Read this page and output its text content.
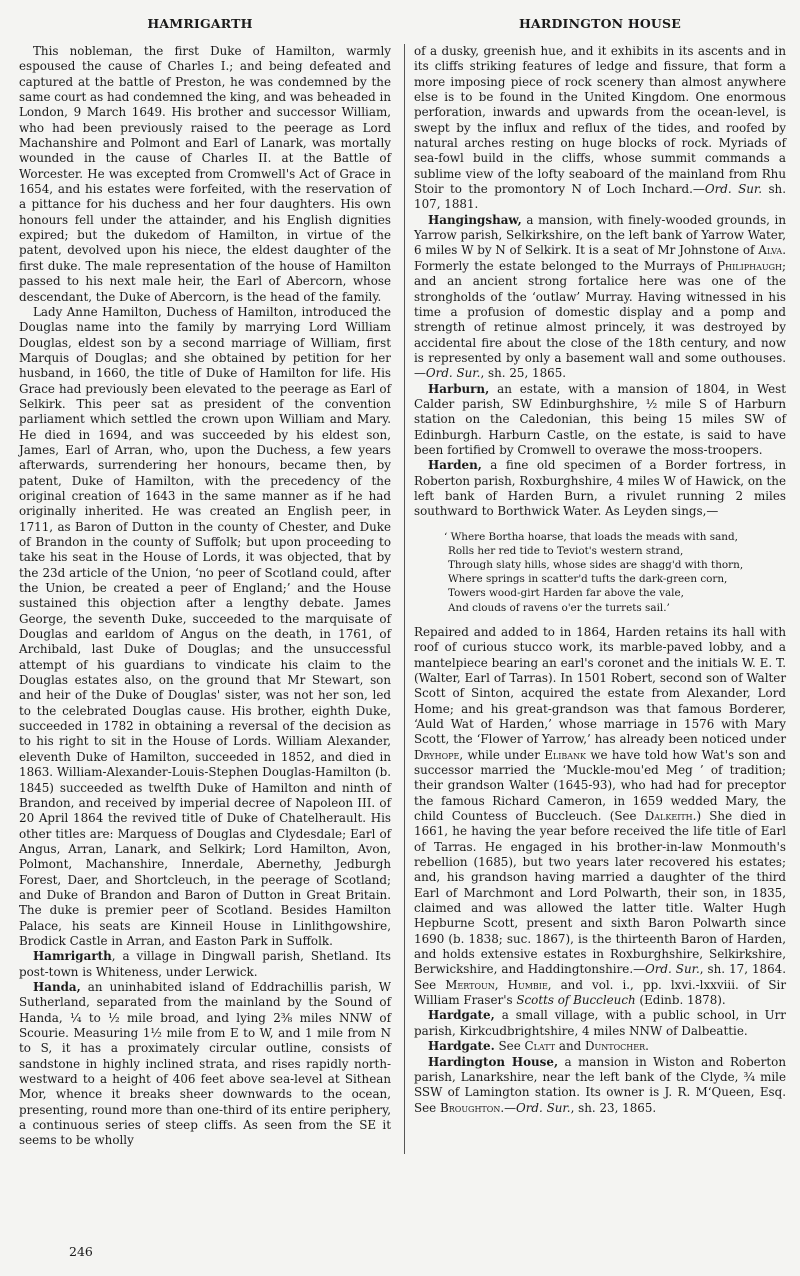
HAMRIGARTH	HARDINGTON HOUSE

This nobleman, the first Duke of Hamilton, warmly espoused the cause of Charles I.; and being defeated and captured at the battle of Preston, he was condemned by the same court as had condemned the king, and was beheaded in London, 9 March 1649. His brother and successor William, who had been previously raised to the peerage as Lord Machanshire and Polmont and Earl of Lanark, was mortally wounded in the cause of Charles II. at the Battle of Worcester. He was excepted from Cromwell's Act of Grace in 1654, and his estates were forfeited, with the reservation of a pittance for his duchess and her four daughters. His own honours fell under the attainder, and his English dignities expired; but the dukedom of Hamilton, in virtue of the patent, devolved upon his niece, the eldest daughter of the first duke. The male representation of the house of Hamilton passed to his next male heir, the Earl of Abercorn, whose descendant, the Duke of Abercorn, is the head of the family.

Lady Anne Hamilton, Duchess of Hamilton, introduced the Douglas name into the family by marrying Lord William Douglas, eldest son by a second marriage of William, first Marquis of Douglas; and she obtained by petition for her husband, in 1660, the title of Duke of Hamilton for life. His Grace had previously been elevated to the peerage as Earl of Selkirk. This peer sat as president of the convention parliament which settled the crown upon William and Mary. He died in 1694, and was succeeded by his eldest son, James, Earl of Arran, who, upon the Duchess, a few years afterwards, surrendering her honours, became then, by patent, Duke of Hamilton, with the precedency of the original creation of 1643 in the same manner as if he had originally inherited. He was created an English peer, in 1711, as Baron of Dutton in the county of Chester, and Duke of Brandon in the county of Suffolk; but upon proceeding to take his seat in the House of Lords, it was objected, that by the 23d article of the Union, ‘no peer of Scotland could, after the Union, be created a peer of England;’ and the House sustained this objection after a lengthy debate. James George, the seventh Duke, succeeded to the marquisate of Douglas and earldom of Angus on the death, in 1761, of Archibald, last Duke of Douglas; and the unsuccessful attempt of his guardians to vindicate his claim to the Douglas estates also, on the ground that Mr Stewart, son and heir of the Duke of Douglas' sister, was not her son, led to the celebrated Douglas cause. His brother, eighth Duke, succeeded in 1782 in obtaining a reversal of the decision as to his right to sit in the House of Lords. William Alexander, eleventh Duke of Hamilton, succeeded in 1852, and died in 1863. William-Alexander-Louis-Stephen Douglas-Hamilton (b. 1845) succeeded as twelfth Duke of Hamilton and ninth of Brandon, and received by imperial decree of Napoleon III. of 20 April 1864 the revived title of Duke of Chatelherault. His other titles are: Marquess of Douglas and Clydesdale; Earl of Angus, Arran, Lanark, and Selkirk; Lord Hamilton, Avon, Polmont, Machanshire, Innerdale, Abernethy, Jedburgh Forest, Daer, and Shortcleuch, in the peerage of Scotland; and Duke of Brandon and Baron of Dutton in Great Britain. The duke is premier peer of Scotland. Besides Hamilton Palace, his seats are Kinneil House in Linlithgowshire, Brodick Castle in Arran, and Easton Park in Suffolk.

Hamrigarth, a village in Dingwall parish, Shetland. Its post-town is Whiteness, under Lerwick.

Handa, an uninhabited island of Eddrachillis parish, W Sutherland, separated from the mainland by the Sound of Handa, ¼ to ½ mile broad, and lying 2⅜ miles NNW of Scourie. Measuring 1½ mile from E to W, and 1 mile from N to S, it has a proximately circular outline, consists of sandstone in highly inclined strata, and rises rapidly north-westward to a height of 406 feet above sea-level at Sithean Mor, whence it breaks sheer downwards to the ocean, presenting, round more than one-third of its entire periphery, a continuous series of steep cliffs. As seen from the SE it seems to be wholly

of a dusky, greenish hue, and it exhibits in its ascents and in its cliffs striking features of ledge and fissure, that form a more imposing piece of rock scenery than almost anywhere else is to be found in the United Kingdom. One enormous perforation, inwards and upwards from the ocean-level, is swept by the influx and reflux of the tides, and roofed by natural arches resting on huge blocks of rock. Myriads of sea-fowl build in the cliffs, whose summit commands a sublime view of the lofty seaboard of the mainland from Rhu Stoir to the promontory N of Loch Inchard.—Ord. Sur. sh. 107, 1881.

Hangingshaw, a mansion, with finely-wooded grounds, in Yarrow parish, Selkirkshire, on the left bank of Yarrow Water, 6 miles W by N of Selkirk. It is a seat of Mr Johnstone of Alva. Formerly the estate belonged to the Murrays of Philiphaugh; and an ancient strong fortalice here was one of the strongholds of the ‘outlaw’ Murray. Having witnessed in his time a profusion of domestic display and a pomp and strength of retinue almost princely, it was destroyed by accidental fire about the close of the 18th century, and now is represented by only a basement wall and some outhouses.—Ord. Sur., sh. 25, 1865.

Harburn, an estate, with a mansion of 1804, in West Calder parish, SW Edinburghshire, ½ mile S of Harburn station on the Caledonian, this being 15 miles SW of Edinburgh. Harburn Castle, on the estate, is said to have been fortified by Cromwell to overawe the moss-troopers.

Harden, a fine old specimen of a Border fortress, in Roberton parish, Roxburghshire, 4 miles W of Hawick, on the left bank of Harden Burn, a rivulet running 2 miles southward to Borthwick Water. As Leyden sings,—

‘ Where Bortha hoarse, that loads the meads with sand,
Rolls her red tide to Teviot's western strand,
Through slaty hills, whose sides are shagg'd with thorn,
Where springs in scatter'd tufts the dark-green corn,
Towers wood-girt Harden far above the vale,
And clouds of ravens o'er the turrets sail.’

Repaired and added to in 1864, Harden retains its hall with roof of curious stucco work, its marble-paved lobby, and a mantelpiece bearing an earl's coronet and the initials W. E. T. (Walter, Earl of Tarras). In 1501 Robert, second son of Walter Scott of Sinton, acquired the estate from Alexander, Lord Home; and his great-grandson was that famous Borderer, ‘Auld Wat of Harden,’ whose marriage in 1576 with Mary Scott, the ‘Flower of Yarrow,’ has already been noticed under Dryhope, while under Elibank we have told how Wat's son and successor married the ‘Muckle-mou'ed Meg ’ of tradition; their grandson Walter (1645-93), who had had for preceptor the famous Richard Cameron, in 1659 wedded Mary, the child Countess of Buccleuch. (See Dalkeith.) She died in 1661, he having the year before received the life title of Earl of Tarras. He engaged in his brother-in-law Monmouth's rebellion (1685), but two years later recovered his estates; and, his grandson having married a daughter of the third Earl of Marchmont and Lord Polwarth, their son, in 1835, claimed and was allowed the latter title. Walter Hugh Hepburne Scott, present and sixth Baron Polwarth since 1690 (b. 1838; suc. 1867), is the thirteenth Baron of Harden, and holds extensive estates in Roxburghshire, Selkirkshire, Berwickshire, and Haddingtonshire.—Ord. Sur., sh. 17, 1864. See Mertoun, Humbie, and vol. i., pp. lxvi.-lxxviii. of Sir William Fraser's Scotts of Buccleuch (Edinb. 1878).

Hardgate, a small village, with a public school, in Urr parish, Kirkcudbrightshire, 4 miles NNW of Dalbeattie.

Hardgate. See Clatt and Duntocher.

Hardington House, a mansion in Wiston and Roberton parish, Lanarkshire, near the left bank of the Clyde, ¾ mile SSW of Lamington station. Its owner is J. R. M‘Queen, Esq. See Broughton.—Ord. Sur., sh. 23, 1865.

246
